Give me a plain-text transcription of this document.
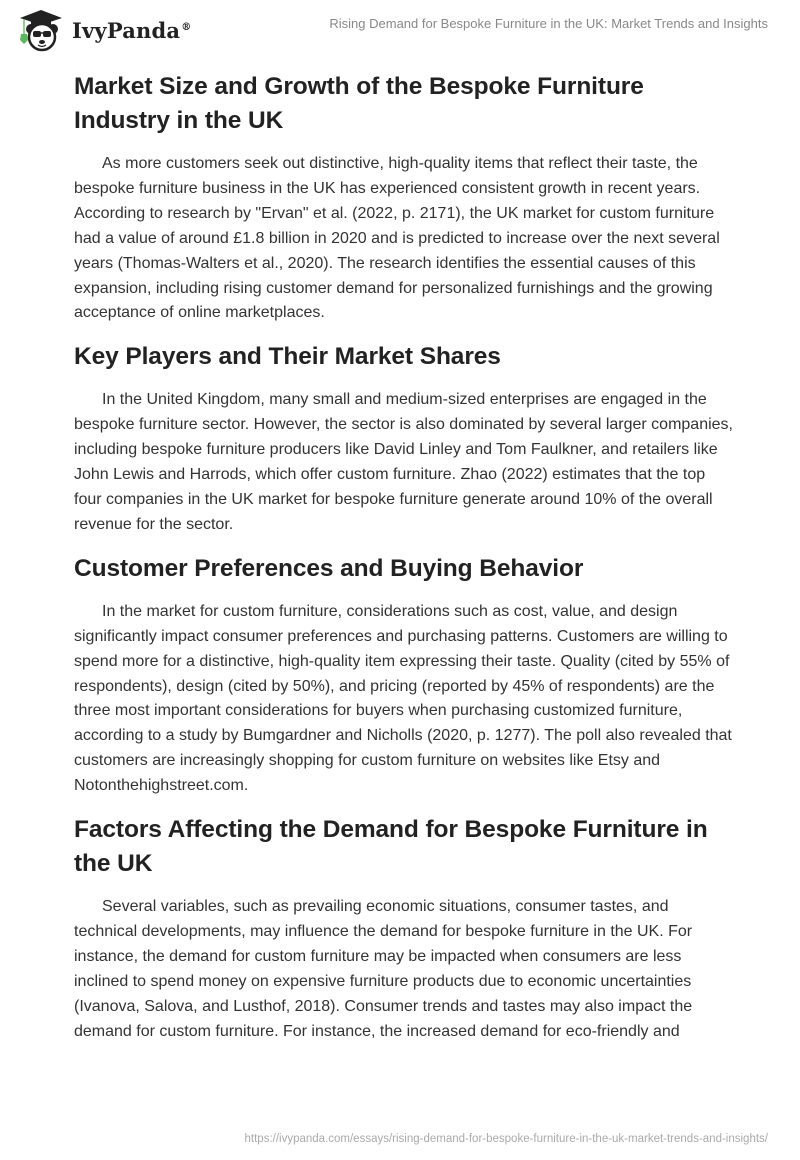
IvyPanda®	Rising Demand for Bespoke Furniture in the UK: Market Trends and Insights
Market Size and Growth of the Bespoke Furniture Industry in the UK

As more customers seek out distinctive, high-quality items that reflect their taste, the bespoke furniture business in the UK has experienced consistent growth in recent years. According to research by "Ervan" et al. (2022, p. 2171), the UK market for custom furniture had a value of around £1.8 billion in 2020 and is predicted to increase over the next several years (Thomas-Walters et al., 2020). The research identifies the essential causes of this expansion, including rising customer demand for personalized furnishings and the growing acceptance of online marketplaces.

Key Players and Their Market Shares

In the United Kingdom, many small and medium-sized enterprises are engaged in the bespoke furniture sector. However, the sector is also dominated by several larger companies, including bespoke furniture producers like David Linley and Tom Faulkner, and retailers like John Lewis and Harrods, which offer custom furniture. Zhao (2022) estimates that the top four companies in the UK market for bespoke furniture generate around 10% of the overall revenue for the sector.

Customer Preferences and Buying Behavior

In the market for custom furniture, considerations such as cost, value, and design significantly impact consumer preferences and purchasing patterns. Customers are willing to spend more for a distinctive, high-quality item expressing their taste. Quality (cited by 55% of respondents), design (cited by 50%), and pricing (reported by 45% of respondents) are the three most important considerations for buyers when purchasing customized furniture, according to a study by Bumgardner and Nicholls (2020, p. 1277). The poll also revealed that customers are increasingly shopping for custom furniture on websites like Etsy and Notonthehighstreet.com.

Factors Affecting the Demand for Bespoke Furniture in the UK

Several variables, such as prevailing economic situations, consumer tastes, and technical developments, may influence the demand for bespoke furniture in the UK. For instance, the demand for custom furniture may be impacted when consumers are less inclined to spend money on expensive furniture products due to economic uncertainties (Ivanova, Salova, and Lusthof, 2018). Consumer trends and tastes may also impact the demand for custom furniture. For instance, the increased demand for eco-friendly and

https://ivypanda.com/essays/rising-demand-for-bespoke-furniture-in-the-uk-market-trends-and-insights/
